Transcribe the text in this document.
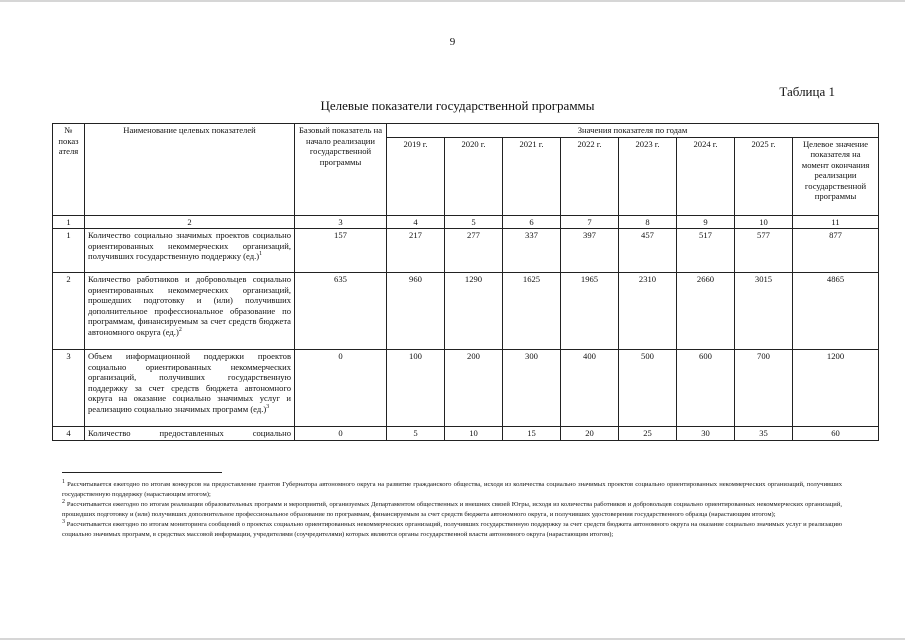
9
Таблица 1
Целевые показатели государственной программы
№ показ ателя	Наименование целевых показателей	Базовый показатель на начало реализации государственной программы	Значения показателя по годам							
			2019 г.	2020 г.	2021 г.	2022 г.	2023 г.	2024 г.	2025 г.	Целевое значение показателя на момент окончания реализации государственной программы
1	2	3	4	5	6	7	8	9	10	11
1	Количество социально значимых проектов социально ориентированных некоммерческих организаций, получивших государственную поддержку $(ед.)^1$	157	217	277	337	397	457	517	577	877
2	Количество работников и добровольцев социально ориентированных некоммерческих организаций, прошедших подготовку и (или) получивших дополнительное профессиональное образование по программам, финансируемым за счет средств бюджета автономного округа $(ед.)^2$	635	960	1290	1625	1965	2310	2660	3015	4865
3	Объем информационной поддержки проектов социально ориентированных некоммерческих организаций, получивших государственную поддержку за счет средств бюджета автономного округа на оказание социально значимых услуг и реализацию социально значимых программ $(ед.)^3$	0	100	200	300	400	500	600	700	1200
4	Количество предоставленных социально	0	5	10	15	20	25	30	35	60
$^1$ Рассчитывается ежегодно по итогам конкурсов на предоставление грантов Губернатора автономного округа на развитие гражданского общества, исходя из количества социально значимых проектов социально ориентированных некоммерческих организаций, получивших государственную поддержку (нарастающим итогом);
$^2$ Рассчитывается ежегодно по итогам реализации образовательных программ и мероприятий, организуемых Департаментом общественных и внешних связей Югры, исходя из количества работников и добровольцев социально ориентированных некоммерческих организаций, прошедших подготовку и (или) получивших дополнительное профессиональное образование по программам, финансируемым за счет средств бюджета автономного округа, и получивших удостоверения государственного образца (нарастающим итогом);
$^3$ Рассчитывается ежегодно по итогам мониторинга сообщений о проектах социально ориентированных некоммерческих организаций, получивших государственную поддержку за счет средств бюджета автономного округа на оказание социально значимых услуг и реализацию социально значимых программ, в средствах массовой информации, учредителями (соучредителями) которых являются органы государственной власти автономного округа (нарастающим итогом);
